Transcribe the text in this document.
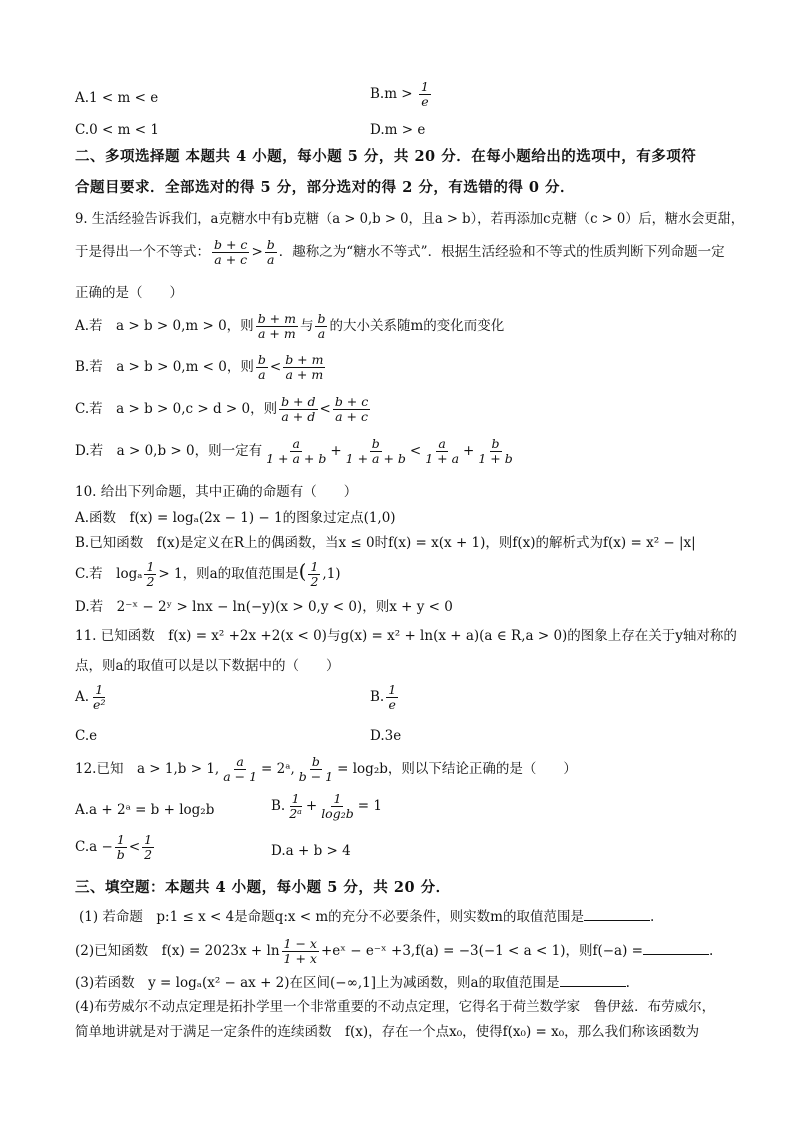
A.1 < m < e	$B.m > \frac{1}{e}$
C.0 < m < 1	D.m > e
二、多项选择题 本题共 4 小题，每小题 5 分，共 20 分．在每小题给出的选项中，有多项符
合题目要求．全部选对的得 5 分，部分选对的得 2 分，有选错的得 0 分．
9. 生活经验告诉我们，a克糖水中有b克糖（a > 0,b > 0，且a > b），若再添加c克糖（c > 0）后，糖水会更甜，
于是得出一个不等式： $\frac{b + c}{a + c} > \frac{b}{a}$ ．趣称之为“糖水不等式”．根据生活经验和不等式的性质判断下列命题一定
正确的是（　　）
A.若　a > b > 0,m > 0，则 $\frac{b + m}{a + m}$ 与 $\frac{b}{a}$ 的大小关系随m的变化而变化
B.若　a > b > 0,m < 0，则 $\frac{b}{a} < \frac{b + m}{a + m}$
C.若　a > b > 0,c > d > 0，则 $\frac{b + d}{a + d} < \frac{b + c}{a + c}$
D.若　a > 0,b > 0，则一定有 $\frac{a}{1 + a + b} + \frac{b}{1 + a + b} < \frac{a}{1 + a} + \frac{b}{1 + b}$
10. 给出下列命题，其中正确的命题有（　　）
A.函数　f(x) = logₐ(2x − 1) − 1的图象过定点(1,0)
B.已知函数　f(x)是定义在R上的偶函数，当x ≤ 0时f(x) = x(x + 1)，则f(x)的解析式为f(x) = x² − |x|
C.若　logₐ $\frac{1}{2} > 1$，则a的取值范围是( $\frac{1}{2} ,1$)
D.若　2⁻ˣ − 2ʸ > lnx − ln(−y)(x > 0,y < 0)，则x + y < 0
11. 已知函数　f(x) = x² +2x +2(x < 0)与g(x) = x² + ln(x + a)(a ∈ R,a > 0)的图象上存在关于y轴对称的
点，则a的取值可以是以下数据中的（　　）
A. $\frac{1}{\text{e²}}$	B. $\frac{1}{e}$
C.e	D.3e
12.已知　a > 1,b > 1, $\frac{a}{a - 1}$ = 2ᵃ, $\frac{b}{b - 1} = \log_2b$，则以下结论正确的是（　　）
A.a + 2ᵃ = b + log₂b	B. $\frac{1}{\text{2ᵃ}} + \frac{1}{\text{log₂b}} = 1$
$C.a - \frac{1}{b} < \frac{1}{2}$	D.a + b > 4
三、填空题：本题共 4 小题，每小题 5 分，共 20 分．
(1) 若命题　p:1 ≤ x < 4是命题q:x < m的充分不必要条件，则实数m的取值范围是	.
(2)已知函数　$f(x) = 2023x + \ln \frac{1 - x}{1 + x}$ +eˣ − e⁻ˣ +3,f(a) = −3(−1 < a < 1)，则f(−a) =	.
(3)若函数　y = logₐ(x² − ax + 2)在区间(−∞,1]上为减函数，则a的取值范围是	.
(4)布劳威尔不动点定理是拓扑学里一个非常重要的不动点定理，它得名于荷兰数学家　鲁伊兹．布劳威尔，
简单地讲就是对于满足一定条件的连续函数　f(x)，存在一个点x₀，使得f(x₀) = x₀，那么我们称该函数为
